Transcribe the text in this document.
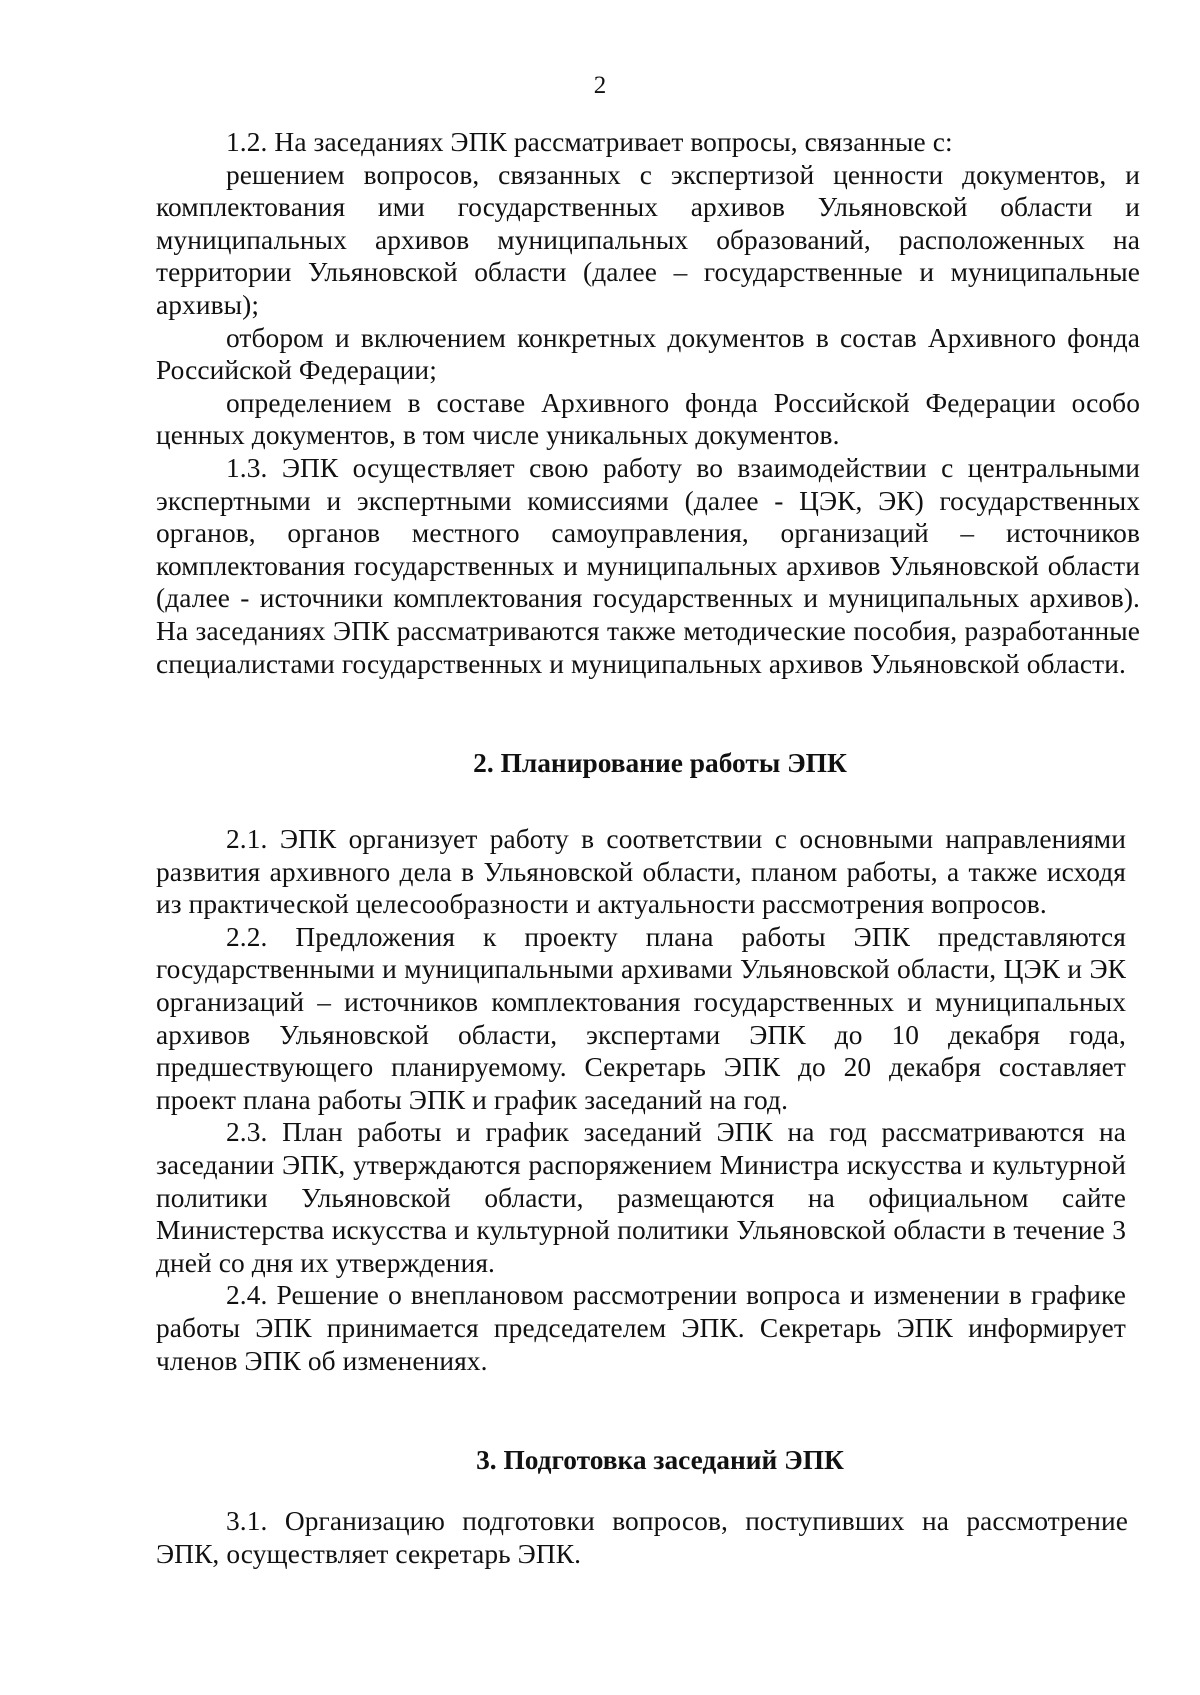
2

1.2. На заседаниях ЭПК рассматривает вопросы, связанные с:

решением вопросов, связанных с экспертизой ценности документов, и комплектования ими государственных архивов Ульяновской области и муниципальных архивов муниципальных образований, расположенных на территории Ульяновской области (далее – государственные и муниципальные архивы);

отбором и включением конкретных документов в состав Архивного фонда Российской Федерации;

определением в составе Архивного фонда Российской Федерации особо ценных документов, в том числе уникальных документов.

1.3. ЭПК осуществляет свою работу во взаимодействии с центральными экспертными и экспертными комиссиями (далее - ЦЭК, ЭК) государственных органов, органов местного самоуправления, организаций – источников комплектования государственных и муниципальных архивов Ульяновской области (далее - источники комплектования государственных и муниципальных архивов). На заседаниях ЭПК рассматриваются также методические пособия, разработанные специалистами государственных и муниципальных архивов Ульяновской области.

2. Планирование работы ЭПК

2.1. ЭПК организует работу в соответствии с основными направлениями развития архивного дела в Ульяновской области, планом работы, а также исходя из практической целесообразности и актуальности рассмотрения вопросов.

2.2. Предложения к проекту плана работы ЭПК представляются государственными и муниципальными архивами Ульяновской области, ЦЭК и ЭК организаций – источников комплектования государственных и муниципальных архивов Ульяновской области, экспертами ЭПК до 10 декабря года, предшествующего планируемому. Секретарь ЭПК до 20 декабря составляет проект плана работы ЭПК и график заседаний на год.

2.3. План работы и график заседаний ЭПК на год рассматриваются на заседании ЭПК, утверждаются распоряжением Министра искусства и культурной политики Ульяновской области, размещаются на официальном сайте Министерства искусства и культурной политики Ульяновской области в течение 3 дней со дня их утверждения.

2.4. Решение о внеплановом рассмотрении вопроса и изменении в графике работы ЭПК принимается председателем ЭПК. Секретарь ЭПК информирует членов ЭПК об изменениях.

3. Подготовка заседаний ЭПК

3.1. Организацию подготовки вопросов, поступивших на рассмотрение ЭПК, осуществляет секретарь ЭПК.
